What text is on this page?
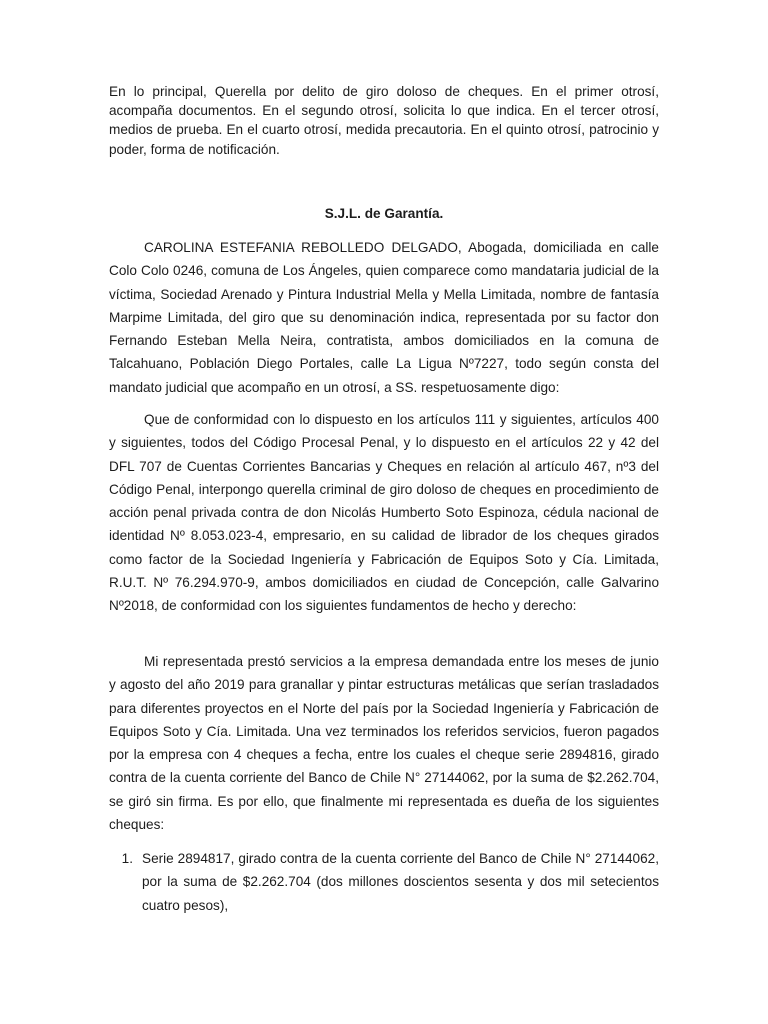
En lo principal, Querella por delito de giro doloso de cheques. En el primer otrosí, acompaña documentos. En el segundo otrosí, solicita lo que indica. En el tercer otrosí, medios de prueba. En el cuarto otrosí, medida precautoria. En el quinto otrosí, patrocinio y poder, forma de notificación.
S.J.L. de Garantía.
CAROLINA ESTEFANIA REBOLLEDO DELGADO, Abogada, domiciliada en calle Colo Colo 0246, comuna de Los Ángeles, quien comparece como mandataria judicial de la víctima, Sociedad Arenado y Pintura Industrial Mella y Mella Limitada, nombre de fantasía Marpime Limitada, del giro que su denominación indica, representada por su factor don Fernando Esteban Mella Neira, contratista, ambos domiciliados en la comuna de Talcahuano, Población Diego Portales, calle La Ligua Nº7227, todo según consta del mandato judicial que acompaño en un otrosí, a SS. respetuosamente digo:
Que de conformidad con lo dispuesto en los artículos 111 y siguientes, artículos 400 y siguientes, todos del Código Procesal Penal, y lo dispuesto en el artículos 22 y 42 del DFL 707 de Cuentas Corrientes Bancarias y Cheques en relación al artículo 467, nº3 del Código Penal, interpongo querella criminal de giro doloso de cheques en procedimiento de acción penal privada contra de don Nicolás Humberto Soto Espinoza, cédula nacional de identidad Nº 8.053.023-4, empresario, en su calidad de librador de los cheques girados como factor de la Sociedad Ingeniería y Fabricación de Equipos Soto y Cía. Limitada, R.U.T. Nº 76.294.970-9, ambos domiciliados en ciudad de Concepción, calle Galvarino Nº2018, de conformidad con los siguientes fundamentos de hecho y derecho:
Mi representada prestó servicios a la empresa demandada entre los meses de junio y agosto del año 2019 para granallar y pintar estructuras metálicas que serían trasladados para diferentes proyectos en el Norte del país por la Sociedad Ingeniería y Fabricación de Equipos Soto y Cía. Limitada. Una vez terminados los referidos servicios, fueron pagados por la empresa con 4 cheques a fecha, entre los cuales el cheque serie 2894816, girado contra de la cuenta corriente del Banco de Chile N° 27144062, por la suma de $2.262.704, se giró sin firma. Es por ello, que finalmente mi representada es dueña de los siguientes cheques:
1. Serie 2894817, girado contra de la cuenta corriente del Banco de Chile N° 27144062, por la suma de $2.262.704 (dos millones doscientos sesenta y dos mil setecientos cuatro pesos),
